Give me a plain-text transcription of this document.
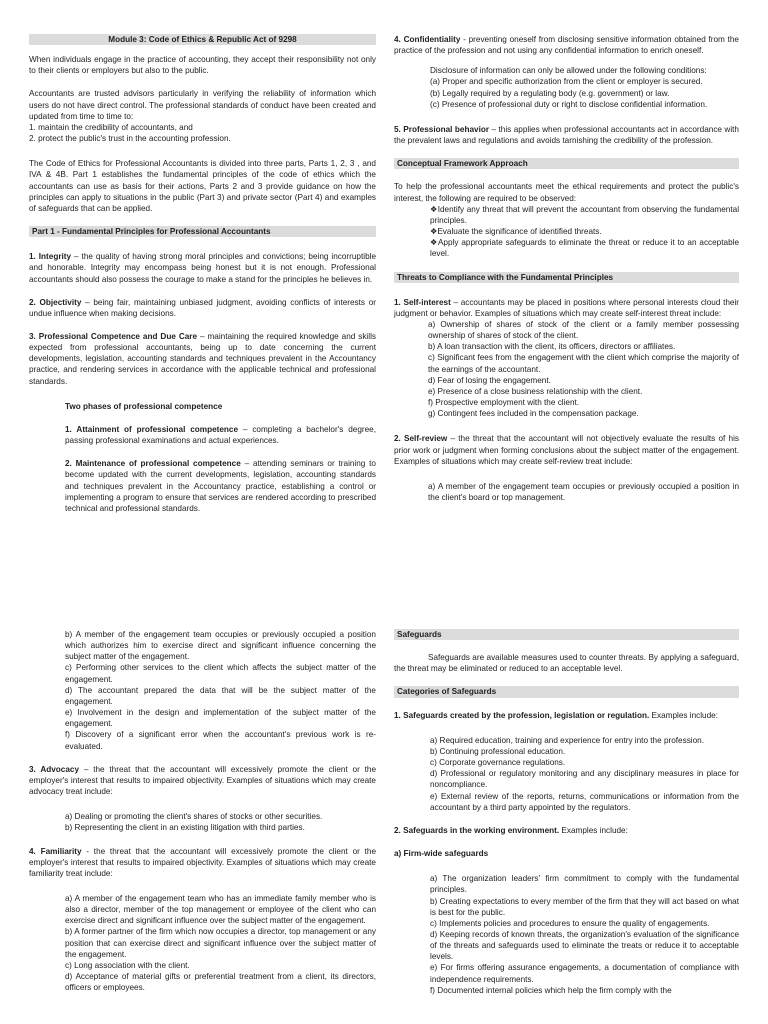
Module 3: Code of Ethics & Republic Act of 9298

When individuals engage in the practice of accounting, they accept their responsibility not only to their clients or employers but also to the public.

Accountants are trusted advisors particularly in verifying the reliability of information which users do not have direct control. The professional standards of conduct have been created and updated from time to time to:

1. maintain the credibility of accountants, and
2. protect the public's trust in the accounting profession.

The Code of Ethics for Professional Accountants is divided into three parts, Parts 1, 2, 3 , and IVA & 4B. Part 1 establishes the fundamental principles of the code of ethics which the accountants can use as basis for their actions, Parts 2 and 3 provide guidance on how the principles can apply to situations in the public (Part 3) and private sector (Part 4) and examples of safeguards that can be applied.

Part 1 - Fundamental Principles for Professional Accountants

1. Integrity – the quality of having strong moral principles and convictions; being incorruptible and honorable. Integrity may encompass being honest but it is not enough. Professional accountants should also possess the courage to make a stand for the principles he believes in.

2. Objectivity – being fair, maintaining unbiased judgment, avoiding conflicts of interests or undue influence when making decisions.

3. Professional Competence and Due Care – maintaining the required knowledge and skills expected from professional accountants, being up to date concerning the current developments, legislation, accounting standards and techniques prevalent in the Accountancy practice, and rendering services in accordance with the applicable technical and professional standards.

Two phases of professional competence

1. Attainment of professional competence – completing a bachelor's degree, passing professional examinations and actual experiences.

2. Maintenance of professional competence – attending seminars or training to become updated with the current developments, legislation, accounting standards and techniques prevalent in the Accountancy practice, establishing a control or implementing a program to ensure that services are rendered according to prescribed technical and professional standards.

4. Confidentiality - preventing oneself from disclosing sensitive information obtained from the practice of the profession and not using any confidential information to enrich oneself.

Disclosure of information can only be allowed under the following conditions:
(a) Proper and specific authorization from the client or employer is secured.
(b) Legally required by a regulating body (e.g. government) or law.
(c) Presence of professional duty or right to disclose confidential information.

5. Professional behavior – this applies when professional accountants act in accordance with the prevalent laws and regulations and avoids tarnishing the credibility of the profession.

Conceptual Framework Approach

To help the professional accountants meet the ethical requirements and protect the public's interest, the following are required to be observed:

❖ Identify any threat that will prevent the accountant from observing the fundamental principles.
❖ Evaluate the significance of identified threats.
❖ Apply appropriate safeguards to eliminate the threat or reduce it to an acceptable level.
Threats to Compliance with the Fundamental Principles

1. Self-interest – accountants may be placed in positions where personal interests cloud their judgment or behavior. Examples of situations which may create self-interest threat include:

a) Ownership of shares of stock of the client or a family member possessing ownership of shares of stock of the client.
b) A loan transaction with the client, its officers, directors or affiliates.
c) Significant fees from the engagement with the client which comprise the majority of the earnings of the accountant.
d) Fear of losing the engagement.
e) Presence of a close business relationship with the client.
f) Prospective employment with the client.
g) Contingent fees included in the compensation package.

2. Self-review – the threat that the accountant will not objectively evaluate the results of his prior work or judgment when forming conclusions about the subject matter of the engagement. Examples of situations which may create self-review treat include:

a) A member of the engagement team occupies or previously occupied a position in the client's board or top management.

b) A member of the engagement team occupies or previously occupied a position which authorizes him to exercise direct and significant influence concerning the subject matter of the engagement.
c) Performing other services to the client which affects the subject matter of the engagement.
d) The accountant prepared the data that will be the subject matter of the engagement.
e) Involvement in the design and implementation of the subject matter of the engagement.
f) Discovery of a significant error when the accountant's previous work is re-evaluated.

3. Advocacy – the threat that the accountant will excessively promote the client or the employer's interest that results to impaired objectivity. Examples of situations which may create advocacy treat include:

a) Dealing or promoting the client's shares of stocks or other securities.
b) Representing the client in an existing litigation with third parties.

4. Familiarity - the threat that the accountant will excessively promote the client or the employer's interest that results to impaired objectivity. Examples of situations which may create familiarity treat include:

a) A member of the engagement team who has an immediate family member who is also a director, member of the top management or employee of the client who can exercise direct and significant influence over the subject matter of the engagement.
b) A former partner of the firm which now occupies a director, top management or any position that can exercise direct and significant influence over the subject matter of the engagement.
c) Long association with the client.
d) Acceptance of material gifts or preferential treatment from a client, its directors, officers or employees.
Safeguards

Safeguards are available measures used to counter threats. By applying a safeguard, the threat may be eliminated or reduced to an acceptable level.

Categories of Safeguards

1. Safeguards created by the profession, legislation or regulation. Examples include:

a) Required education, training and experience for entry into the profession.
b) Continuing professional education.
c) Corporate governance regulations.
d) Professional or regulatory monitoring and any disciplinary measures in place for noncompliance.
e) External review of the reports, returns, communications or information from the accountant by a third party appointed by the regulators.

2. Safeguards in the working environment. Examples include:

a) Firm-wide safeguards
a) The organization leaders' firm commitment to comply with the fundamental principles.
b) Creating expectations to every member of the firm that they will act based on what is best for the public.
c) Implements policies and procedures to ensure the quality of engagements.
d) Keeping records of known threats, the organization's evaluation of the significance of the threats and safeguards used to eliminate the treats or reduce it to acceptable levels.
e) For firms offering assurance engagements, a documentation of compliance with independence requirements.
f) Documented internal policies which help the firm comply with the
